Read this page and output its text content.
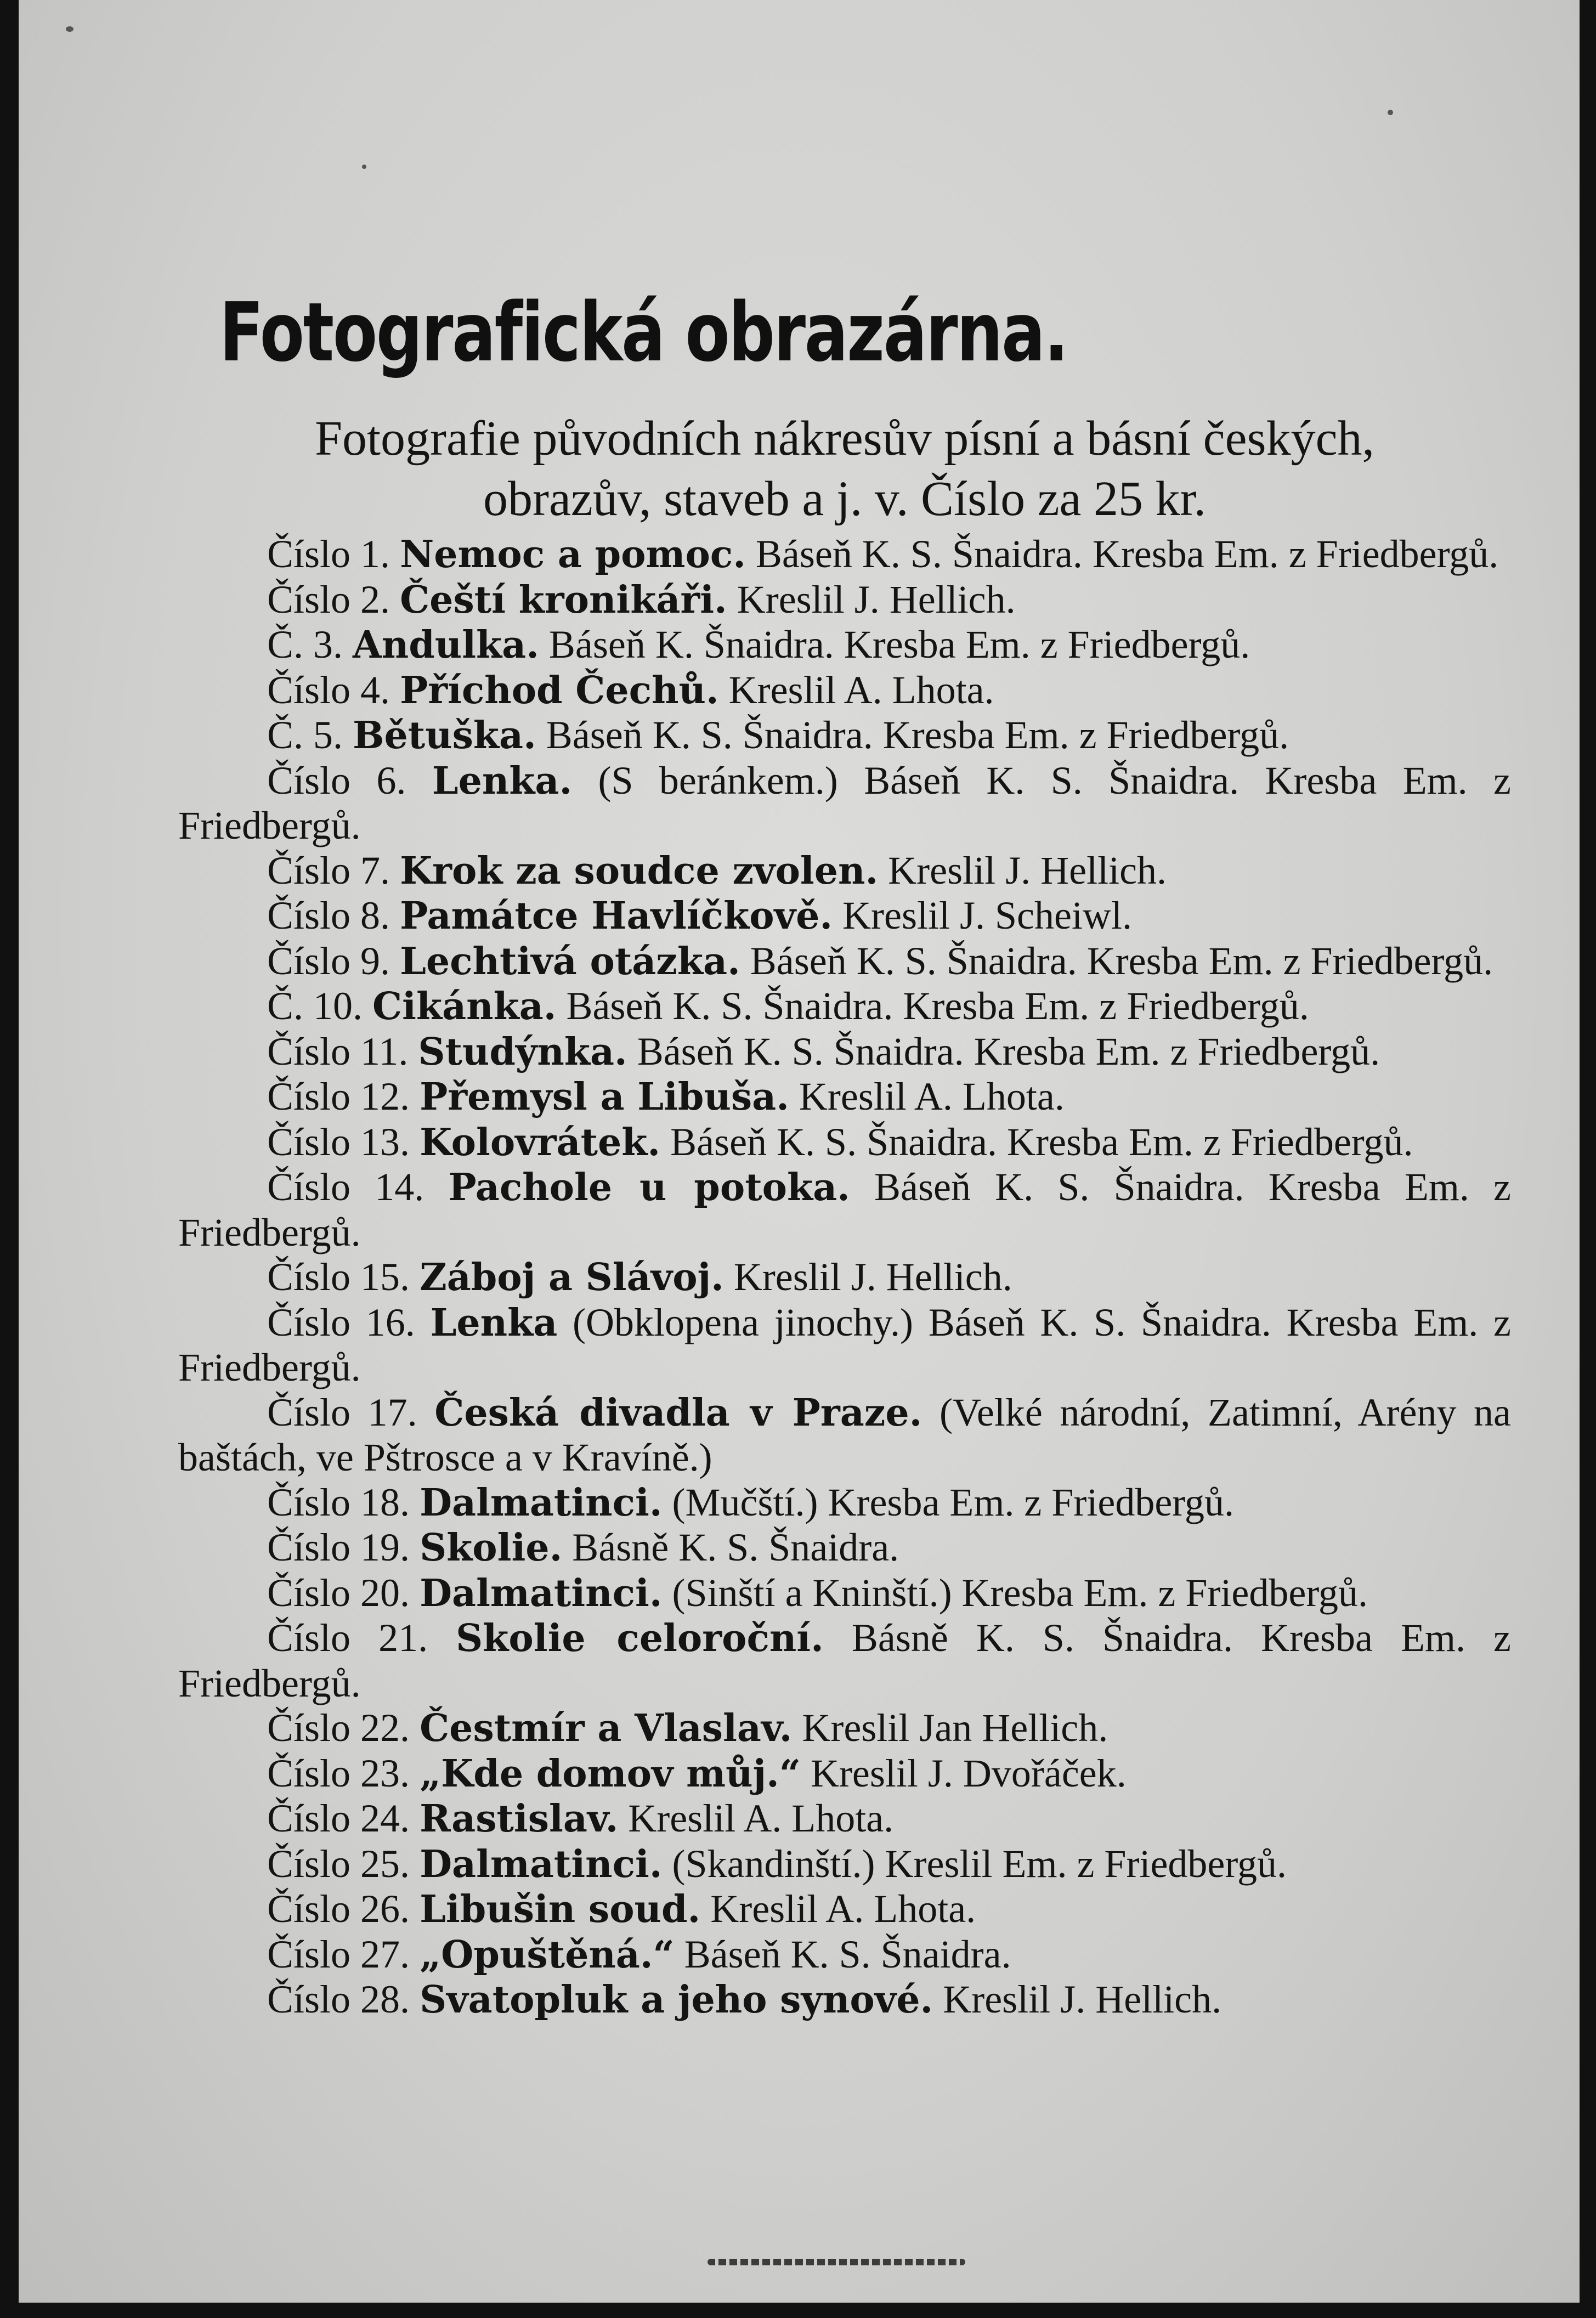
Fotografická obrazárna.
Fotografie původních nákresův písní a básní českých,
obrazův, staveb a j. v. Číslo za 25 kr.
Číslo 1. Nemoc a pomoc. Báseň K. S. Šnaidra. Kresba Em. z Friedbergů.
Číslo 2. Čeští kronikáři. Kreslil J. Hellich.
Č. 3. Andulka. Báseň K. Šnaidra. Kresba Em. z Friedbergů.
Číslo 4. Příchod Čechů. Kreslil A. Lhota.
Č. 5. Bětuška. Báseň K. S. Šnaidra. Kresba Em. z Friedbergů.
Číslo 6. Lenka. (S beránkem.) Báseň K. S. Šnaidra. Kresba Em. z Friedbergů.
Číslo 7. Krok za soudce zvolen. Kreslil J. Hellich.
Číslo 8. Památce Havlíčkově. Kreslil J. Scheiwl.
Číslo 9. Lechtivá otázka. Báseň K. S. Šnaidra. Kresba Em. z Friedbergů.
Č. 10. Cikánka. Báseň K. S. Šnaidra. Kresba Em. z Friedbergů.
Číslo 11. Studýnka. Báseň K. S. Šnaidra. Kresba Em. z Friedbergů.
Číslo 12. Přemysl a Libuša. Kreslil A. Lhota.
Číslo 13. Kolovrátek. Báseň K. S. Šnaidra. Kresba Em. z Friedbergů.
Číslo 14. Pachole u potoka. Báseň K. S. Šnaidra. Kresba Em. z Friedbergů.
Číslo 15. Záboj a Slávoj. Kreslil J. Hellich.
Číslo 16. Lenka (Obklopena jinochy.) Báseň K. S. Šnaidra. Kresba Em. z Friedbergů.
Číslo 17. Česká divadla v Praze. (Velké národní, Zatimní, Arény na baštách, ve Pštrosce a v Kravíně.)
Číslo 18. Dalmatinci. (Mučští.) Kresba Em. z Friedbergů.
Číslo 19. Skolie. Básně K. S. Šnaidra.
Číslo 20. Dalmatinci. (Sinští a Kninští.) Kresba Em. z Friedbergů.
Číslo 21. Skolie celoroční. Básně K. S. Šnaidra. Kresba Em. z Friedbergů.
Číslo 22. Čestmír a Vlaslav. Kreslil Jan Hellich.
Číslo 23. „Kde domov můj.“ Kreslil J. Dvořáček.
Číslo 24. Rastislav. Kreslil A. Lhota.
Číslo 25. Dalmatinci. (Skandinští.) Kreslil Em. z Friedbergů.
Číslo 26. Libušin soud. Kreslil A. Lhota.
Číslo 27. „Opuštěná.“ Báseň K. S. Šnaidra.
Číslo 28. Svatopluk a jeho synové. Kreslil J. Hellich.
